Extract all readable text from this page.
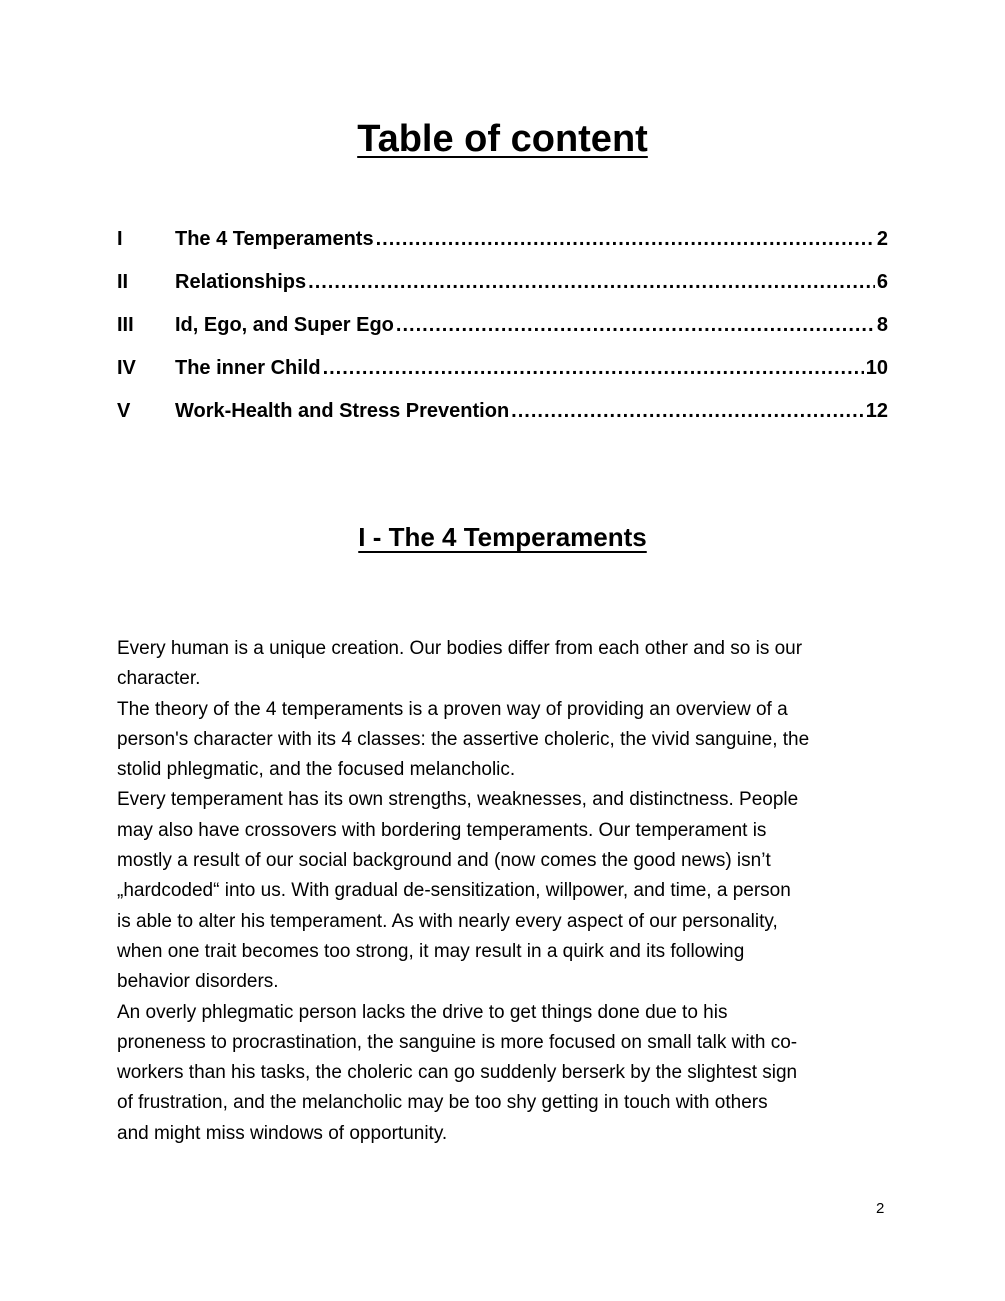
Table of content
I	The 4 Temperaments .....	2
II	Relationships .....	6
III	Id, Ego, and Super Ego .....	8
IV	The inner Child .....	10
V	Work-Health and Stress Prevention .....	12
I - The 4 Temperaments
Every human is a unique creation. Our bodies differ from each other and so is our
character.
The theory of the 4 temperaments is a proven way of providing an overview of a
person's character with its 4 classes: the assertive choleric, the vivid sanguine, the
stolid phlegmatic, and the focused melancholic.
Every temperament has its own strengths, weaknesses, and distinctness. People
may also have crossovers with bordering temperaments. Our temperament is
mostly a result of our social background and (now comes the good news) isn’t
„hardcoded“ into us. With gradual de-sensitization, willpower, and time, a person
is able to alter his temperament. As with nearly every aspect of our personality,
when one trait becomes too strong, it may result in a quirk and its following
behavior disorders.
An overly phlegmatic person lacks the drive to get things done due to his
proneness to procrastination, the sanguine is more focused on small talk with co-
workers than his tasks, the choleric can go suddenly berserk by the slightest sign
of frustration, and the melancholic may be too shy getting in touch with others
and might miss windows of opportunity.
2
